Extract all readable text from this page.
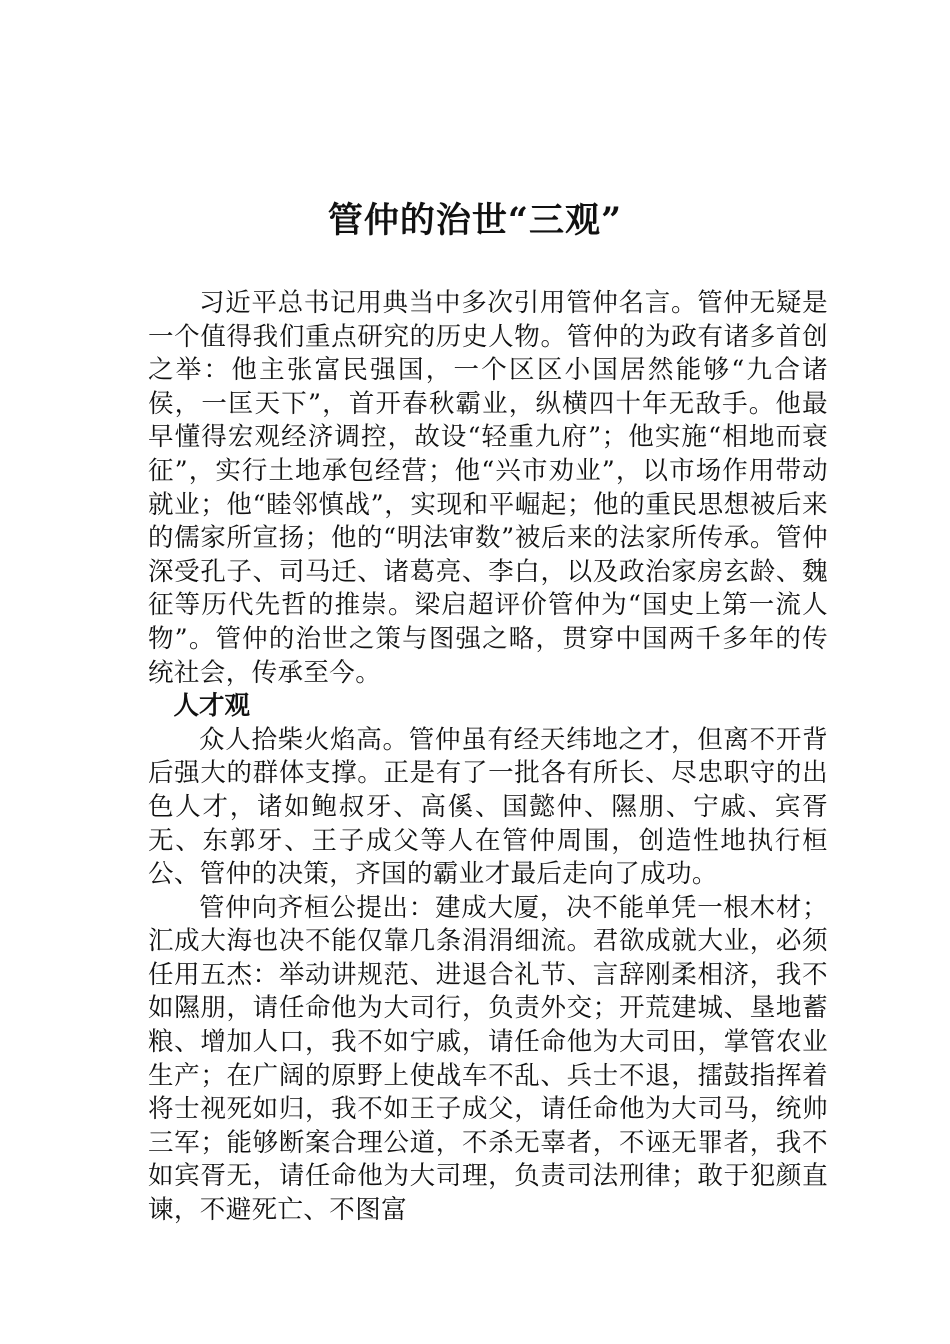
管仲的治世“三观”

习近平总书记用典当中多次引用管仲名言。管仲无疑是一个值得我们重点研究的历史人物。管仲的为政有诸多首创之举：他主张富民强国，一个区区小国居然能够“九合诸侯，一匡天下”，首开春秋霸业，纵横四十年无敌手。他最早懂得宏观经济调控，故设“轻重九府”；他实施“相地而衰征”，实行土地承包经营；他“兴市劝业”，以市场作用带动就业；他“睦邻慎战”，实现和平崛起；他的重民思想被后来的儒家所宣扬；他的“明法审数”被后来的法家所传承。管仲深受孔子、司马迁、诸葛亮、李白，以及政治家房玄龄、魏征等历代先哲的推崇。梁启超评价管仲为“国史上第一流人物”。管仲的治世之策与图强之略，贯穿中国两千多年的传统社会，传承至今。

人才观

众人拾柴火焰高。管仲虽有经天纬地之才，但离不开背后强大的群体支撑。正是有了一批各有所长、尽忠职守的出色人才，诸如鲍叔牙、高傒、国懿仲、隰朋、宁戚、宾胥无、东郭牙、王子成父等人在管仲周围，创造性地执行桓公、管仲的决策，齐国的霸业才最后走向了成功。

管仲向齐桓公提出：建成大厦，决不能单凭一根木材；汇成大海也决不能仅靠几条涓涓细流。君欲成就大业，必须任用五杰：举动讲规范、进退合礼节、言辞刚柔相济，我不如隰朋，请任命他为大司行，负责外交；开荒建城、垦地蓄粮、增加人口，我不如宁戚，请任命他为大司田，掌管农业生产；在广阔的原野上使战车不乱、兵士不退，擂鼓指挥着将士视死如归，我不如王子成父，请任命他为大司马，统帅三军；能够断案合理公道，不杀无辜者，不诬无罪者，我不如宾胥无，请任命他为大司理，负责司法刑律；敢于犯颜直谏，不避死亡、不图富
